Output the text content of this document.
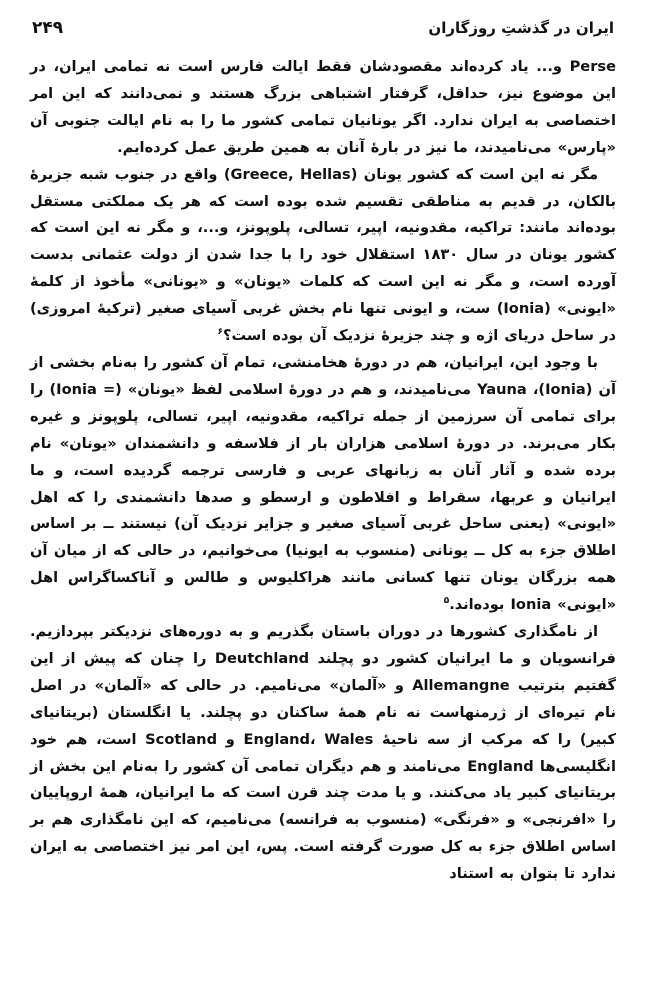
۲۴۹	ایران در گذشتِ روزگاران

Perse و... یاد کرده‌اند مقصودشان فقط ایالت فارس است نه تمامی ایران، در این موضوع نیز، حداقل، گرفتار اشتباهی بزرگ هستند و نمی‌دانند که این امر اختصاصی به ایران ندارد. اگر یونانیان تمامی کشور ما را به نام ایالت جنوبی آن «پارس» می‌نامیدند، ما نیز در بارهٔ آنان به همین طریق عمل کرده‌ایم.

مگر نه این است که کشور یونان (Greece, Hellas) واقع در جنوب شبه جزیرهٔ بالکان، در قدیم به مناطقی تقسیم شده بوده است که هر یک مملکتی مستقل بوده‌اند مانند: تراکیه، مقدونیه، اپیر، تسالی، پلوپونز، و...، و مگر نه این است که کشور یونان در سال ۱۸۳۰ استقلال خود را با جدا شدن از دولت عثمانی بدست آورده است، و مگر نه این است که کلمات «یونان» و «یونانی» مأخوذ از کلمهٔ «ایونی» (Ionia) ست، و ایونی تنها نام بخش غربی آسیای صغیر (ترکیهٔ امروزی) در ساحل دریای اژه و چند جزیرهٔ نزدیک آن بوده است؟$^۶$

با وجود این، ایرانیان، هم در دورهٔ هخامنشی، تمام آن کشور را به‌نام بخشی از آن (Ionia)، Yauna می‌نامیدند، و هم در دورهٔ اسلامی لفظ «یونان» (= Ionia) را برای تمامی آن سرزمین از جمله تراکیه، مقدونیه، اپیر، تسالی، پلوپونز و غیره بکار می‌برند. در دورهٔ اسلامی هزاران بار از فلاسفه و دانشمندان «یونان» نام برده شده و آثار آنان به زبانهای عربی و فارسی ترجمه گردیده است، و ما ایرانیان و عربها، سقراط و افلاطون و ارسطو و صدها دانشمندی را که اهل «ایونی» (یعنی ساحل غربی آسیای صغیر و جزایر نزدیک آن) نیستند ــ بر اساس اطلاق جزء به کل ــ یونانی (منسوب به ایونیا) می‌خوانیم، در حالی که از میان آن همه بزرگان یونان تنها کسانی مانند هراکلیوس و طالس و آناکساگراس اهل «ایونی» Ionia بوده‌اند.$^۵$

از نامگذاری کشورها در دوران باستان بگذریم و به دوره‌های نزدیکتر بپردازیم. فرانسویان و ما ایرانیان کشور دو پچلند Deutchland را چنان که پیش از این گفتیم بترتیب Allemangne و «آلمان» می‌نامیم. در حالی که «آلمان» در اصل نام تیره‌ای از ژرمنهاست نه نام همهٔ ساکنان دو پچلند. یا انگلستان (بریتانیای کبیر) را که مرکب از سه ناحیهٔ England، Wales و Scotland است، هم خود انگلیسی‌ها England می‌نامند و هم دیگران تمامی آن کشور را به‌نام این بخش از بریتانیای کبیر یاد می‌کنند. و یا مدت چند قرن است که ما ایرانیان، همهٔ اروپاییان را «افرنجی» و «فرنگی» (منسوب به فرانسه) می‌نامیم، که این نامگذاری هم بر اساس اطلاق جزء به کل صورت گرفته است. پس، این امر نیز اختصاصی به ایران ندارد تا بتوان به استناد
